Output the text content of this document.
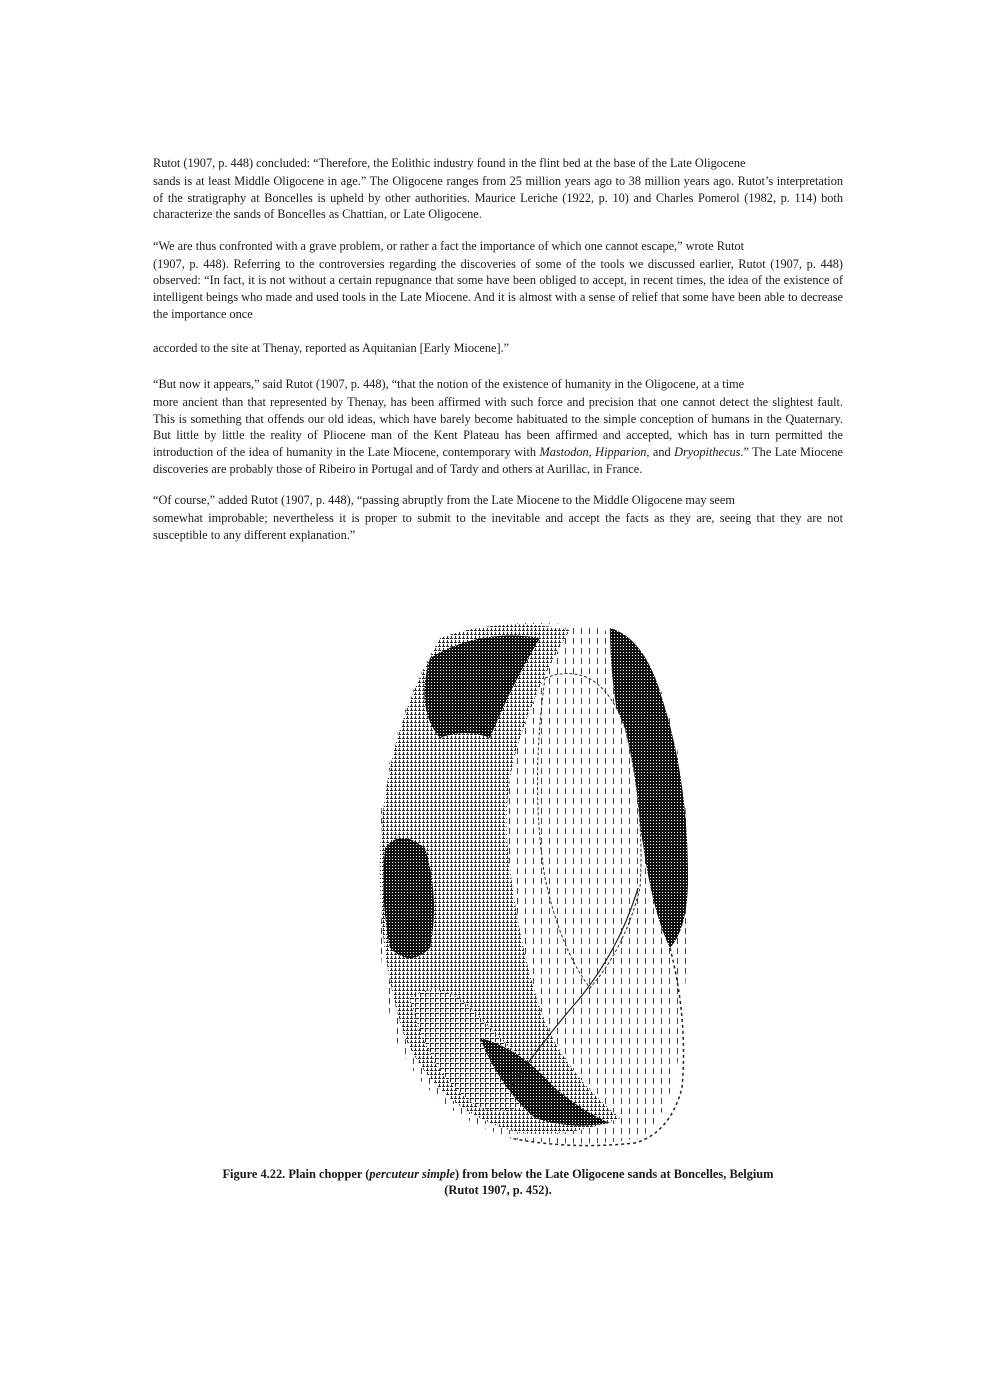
Rutot (1907, p. 448) concluded: “Therefore, the Eolithic industry found in the flint bed at the base of the Late Oligocene
sands is at least Middle Oligocene in age.” The Oligocene ranges from 25 million years ago to 38 million years ago. Rutot’s interpretation of the stratigraphy at Boncelles is upheld by other authorities. Maurice Leriche (1922, p. 10) and Charles Pomerol (1982, p. 114) both characterize the sands of Boncelles as Chattian, or Late Oligocene.

“We are thus confronted with a grave problem, or rather a fact the importance of which one cannot escape,” wrote Rutot
(1907, p. 448). Referring to the controversies regarding the discoveries of some of the tools we discussed earlier, Rutot (1907, p. 448) observed: “In fact, it is not without a certain repugnance that some have been obliged to accept, in recent times, the idea of the existence of intelligent beings who made and used tools in the Late Miocene. And it is almost with a sense of relief that some have been able to decrease the importance once

accorded to the site at Thenay, reported as Aquitanian [Early Miocene].”

“But now it appears,” said Rutot (1907, p. 448), “that the notion of the existence of humanity in the Oligocene, at a time
more ancient than that represented by Thenay, has been affirmed with such force and precision that one cannot detect the slightest fault. This is something that offends our old ideas, which have barely become habituated to the simple conception of humans in the Quaternary. But little by little the reality of Pliocene man of the Kent Plateau has been affirmed and accepted, which has in turn permitted the introduction of the idea of humanity in the Late Miocene, contemporary with Mastodon, Hipparion, and Dryopithecus.” The Late Miocene discoveries are probably those of Ribeiro in Portugal and of Tardy and others at Aurillac, in France.

“Of course,” added Rutot (1907, p. 448), “passing abruptly from the Late Miocene to the Middle Oligocene may seem
somewhat improbable; nevertheless it is proper to submit to the inevitable and accept the facts as they are, seeing that they are not susceptible to any different explanation.”

Figure 4.22. Plain chopper (percuteur simple) from below the Late Oligocene sands at Boncelles, Belgium
(Rutot 1907, p. 452).
